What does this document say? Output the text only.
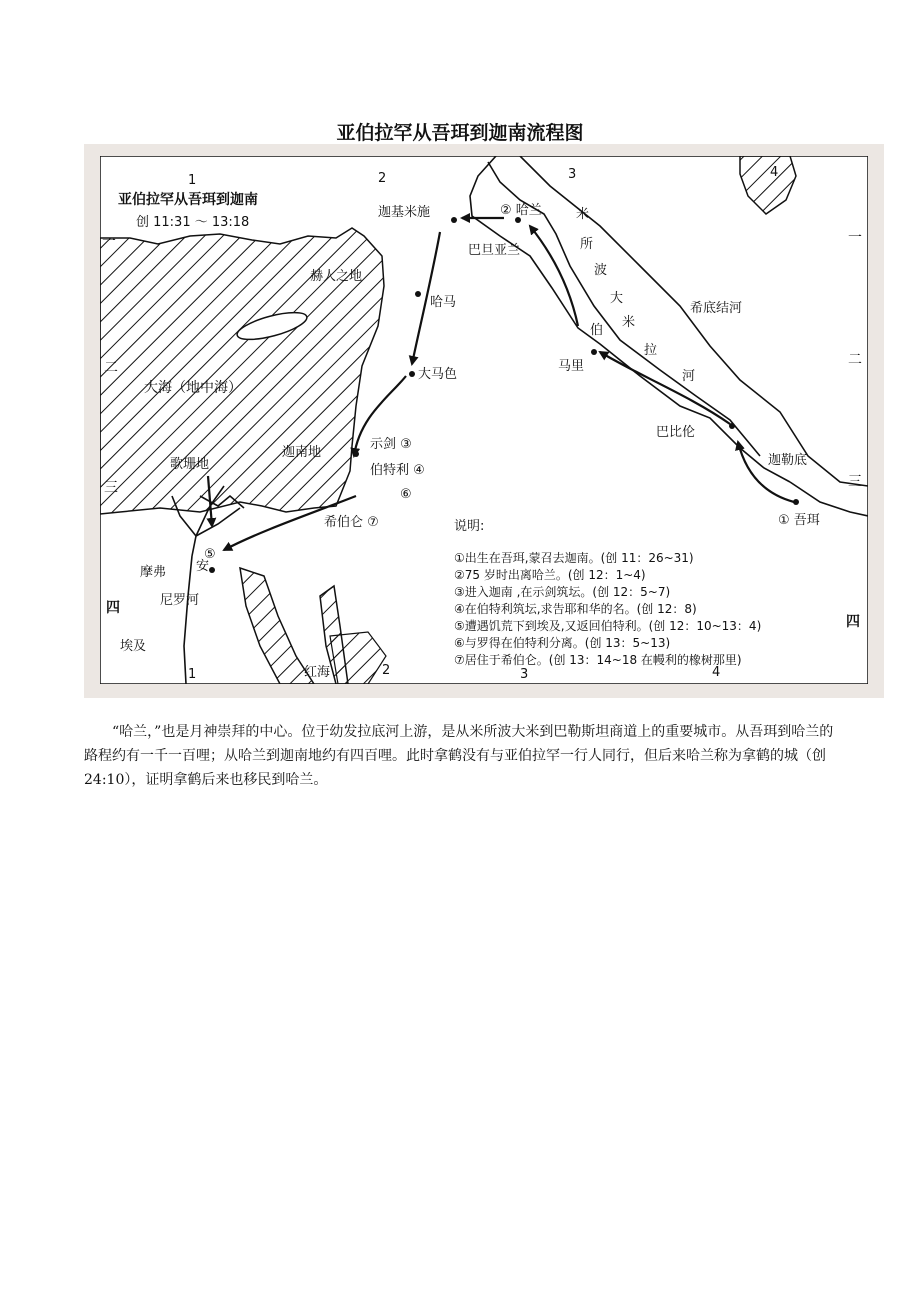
亚伯拉罕从吾珥到迦南流程图
亚伯拉罕从吾珥到迦南
创 11:31 ～ 13:18
1	2	3	4
1	2	3	4
一
二
三
四
一
二
三
四
迦基米施	② 哈兰
巴旦亚兰
赫人之地
哈马
大马色
大海（地中海）
迦南地
示剑 ③
伯特利 ④
⑥
希伯仑 ⑦
歌珊地
⑤
安
摩弗
尼罗河
埃及
红海
米
所
波
大
米
拉
伯
河
希底结河
马里
巴比伦
迦勒底
① 吾珥
说明:
①出生在吾珥,蒙召去迦南。(创 11：26~31)
②75 岁时出离哈兰。(创 12：1~4)
③进入迦南 ,在示剑筑坛。(创 12：5~7)
④在伯特利筑坛,求告耶和华的名。(创 12：8)
⑤遭遇饥荒下到埃及,又返回伯特利。(创 12：10~13：4)
⑥与罗得在伯特利分离。(创 13：5~13)
⑦居住于希伯仑。(创 13：14~18 在幔利的橡树那里)

“哈兰，”也是月神崇拜的中心。位于幼发拉底河上游，是从米所波大米到巴勒斯坦商道上的重要城市。从吾珥到哈兰的路程约有一千一百哩；从哈兰到迦南地约有四百哩。此时拿鹤没有与亚伯拉罕一行人同行，但后来哈兰称为拿鹤的城（创 24:10），证明拿鹤后来也移民到哈兰。
